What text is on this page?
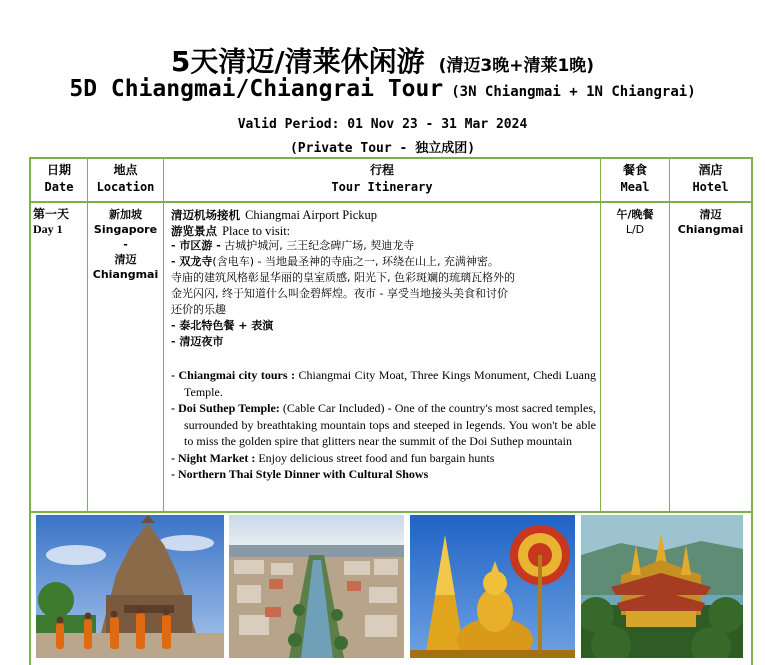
5天清迈/清莱休闲游 (清迈3晚+清莱1晚)
5D Chiangmai/Chiangrai Tour (3N Chiangmai + 1N Chiangrai)
Valid Period: 01 Nov 23 - 31 Mar 2024
(Private Tour - 独立成团)
日期
Date
地点
Location
行程
Tour Itinerary
餐食
Meal
酒店
Hotel
第一天
Day 1
新加坡
Singapore
-
清迈
Chiangmai
午/晚餐
L/D
清迈
Chiangmai
清迈机场接机 Chiangmai Airport Pickup
游览景点 Place to visit:
- 市区游 - 古城护城河, 三王纪念碑广场, 契迪龙寺
- 双龙寺(含电车) - 当地最圣神的寺庙之一, 环绕在山上, 充满神密。
寺庙的建筑风格彰显华丽的皇室质感, 阳光下, 色彩斑斓的琉璃瓦格外的
金光闪闪, 终于知道什么叫金碧辉煌。夜市 - 享受当地接头美食和讨价
还价的乐趣
- 泰北特色餐 + 表演
- 清迈夜市
- Chiangmai city tours : Chiangmai City Moat, Three Kings Monument, Chedi Luang Temple.
- Doi Suthep Temple: (Cable Car Included) - One of the country's most sacred temples, surrounded by breathtaking mountain tops and steeped in legends. You won't be able to miss the golden spire that glitters near the summit of the Doi Suthep mountain
- Night Market : Enjoy delicious street food and fun bargain hunts
- Northern Thai Style Dinner with Cultural Shows
